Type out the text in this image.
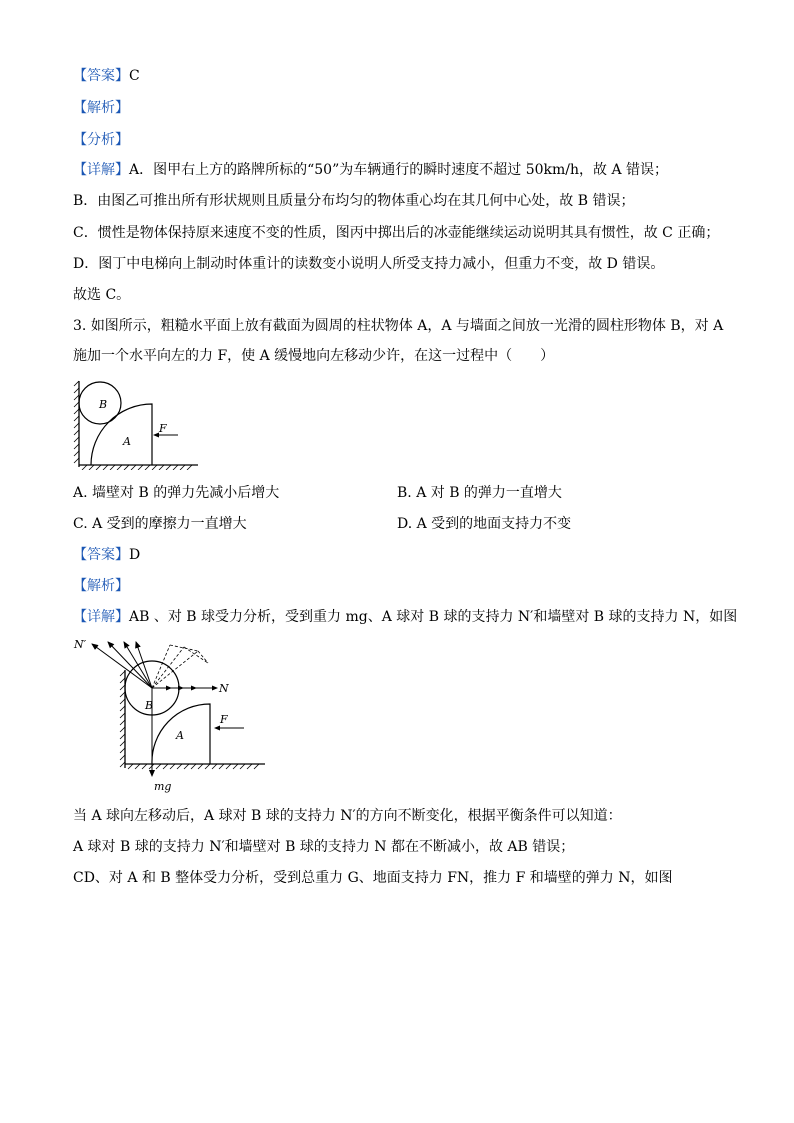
【答案】C
【解析】
【分析】
【详解】A．图甲右上方的路牌所标的“50”为车辆通行的瞬时速度不超过 50km/h，故 A 错误；
B．由图乙可推出所有形状规则且质量分布均匀的物体重心均在其几何中心处，故 B 错误；
C．惯性是物体保持原来速度不变的性质，图丙中掷出后的冰壶能继续运动说明其具有惯性，故 C 正确；
D．图丁中电梯向上制动时体重计的读数变小说明人所受支持力减小，但重力不变，故 D 错误。
故选 C。
3. 如图所示，粗糙水平面上放有截面为圆周的柱状物体 A，A 与墙面之间放一光滑的圆柱形物体 B，对 A
施加一个水平向左的力 F，使 A 缓慢地向左移动少许，在这一过程中（　　）
B
A
F
A. 墙壁对 B 的弹力先减小后增大	B. A 对 B 的弹力一直增大
C. A 受到的摩擦力一直增大	D. A 受到的地面支持力不变
【答案】D
【解析】
【详解】AB 、对 B 球受力分析，受到重力 mg、A 球对 B 球的支持力 N′和墙壁对 B 球的支持力 N，如图
N′
N
B
A
F
mg
当 A 球向左移动后，A 球对 B 球的支持力 N′的方向不断变化，根据平衡条件可以知道：
A 球对 B 球的支持力 N′和墙壁对 B 球的支持力 N 都在不断减小，故 AB 错误；
CD、对 A 和 B 整体受力分析，受到总重力 G、地面支持力 FN，推力 F 和墙壁的弹力 N，如图
